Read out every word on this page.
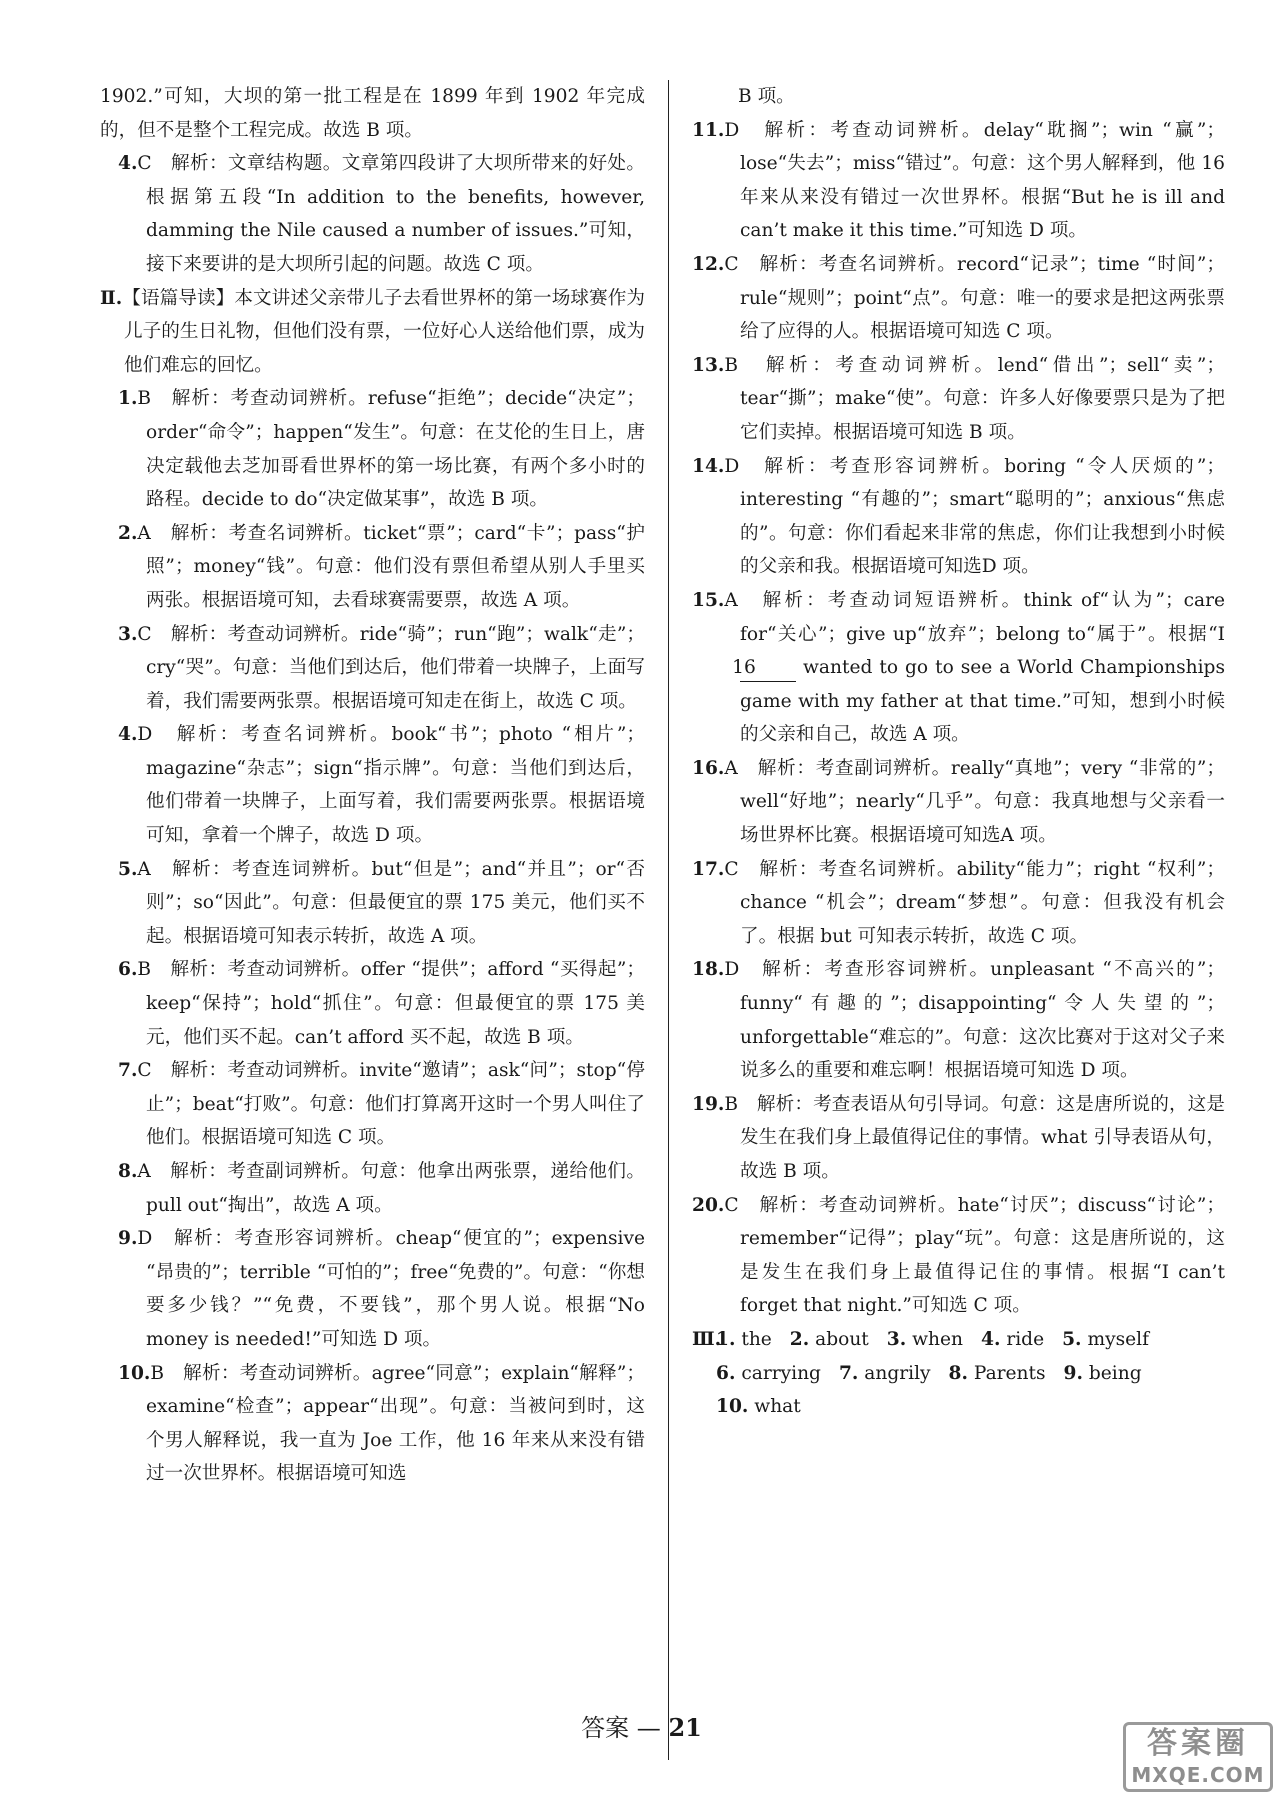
1902.”可知，大坝的第一批工程是在 1899 年到 1902 年完成的，但不是整个工程完成。故选 B 项。

4.C　解析：文章结构题。文章第四段讲了大坝所带来的好处。根据第五段“In addition to the benefits, however, damming the Nile caused a number of issues.”可知，接下来要讲的是大坝所引起的问题。故选 C 项。

Ⅱ.【语篇导读】本文讲述父亲带儿子去看世界杯的第一场球赛作为儿子的生日礼物，但他们没有票，一位好心人送给他们票，成为他们难忘的回忆。

1.B　解析：考查动词辨析。refuse“拒绝”；decide“决定”；order“命令”；happen“发生”。句意：在艾伦的生日上，唐决定载他去芝加哥看世界杯的第一场比赛，有两个多小时的路程。decide to do“决定做某事”，故选 B 项。

2.A　解析：考查名词辨析。ticket“票”；card“卡”；pass“护照”；money“钱”。句意：他们没有票但希望从别人手里买两张。根据语境可知，去看球赛需要票，故选 A 项。

3.C　解析：考查动词辨析。ride“骑”；run“跑”；walk“走”；cry“哭”。句意：当他们到达后，他们带着一块牌子，上面写着，我们需要两张票。根据语境可知走在街上，故选 C 项。

4.D　解析：考查名词辨析。book“书”；photo “相片”；magazine“杂志”；sign“指示牌”。句意：当他们到达后，他们带着一块牌子，上面写着，我们需要两张票。根据语境可知，拿着一个牌子，故选 D 项。

5.A　解析：考查连词辨析。but“但是”；and“并且”；or“否则”；so“因此”。句意：但最便宜的票 175 美元，他们买不起。根据语境可知表示转折，故选 A 项。

6.B　解析：考查动词辨析。offer “提供”；afford “买得起”；keep“保持”；hold“抓住”。句意：但最便宜的票 175 美元，他们买不起。can’t afford 买不起，故选 B 项。

7.C　解析：考查动词辨析。invite“邀请”；ask“问”；stop“停止”；beat“打败”。句意：他们打算离开这时一个男人叫住了他们。根据语境可知选 C 项。

8.A　解析：考查副词辨析。句意：他拿出两张票，递给他们。pull out“掏出”，故选 A 项。

9.D　解析：考查形容词辨析。cheap“便宜的”；expensive “昂贵的”；terrible “可怕的”；free“免费的”。句意：“你想要多少钱？”“免费，不要钱”，那个男人说。根据“No money is needed!”可知选 D 项。

10.B　解析：考查动词辨析。agree“同意”；explain“解释”；examine“检查”；appear“出现”。句意：当被问到时，这个男人解释说，我一直为 Joe 工作，他 16 年来从来没有错过一次世界杯。根据语境可知选

B 项。

11.D　解析：考查动词辨析。delay“耽搁”；win “赢”；lose“失去”；miss“错过”。句意：这个男人解释到，他 16 年来从来没有错过一次世界杯。根据“But he is ill and can’t make it this time.”可知选 D 项。

12.C　解析：考查名词辨析。record“记录”；time “时间”；rule“规则”；point“点”。句意：唯一的要求是把这两张票给了应得的人。根据语境可知选 C 项。

13.B　解析：考查动词辨析。lend“借出”；sell“卖”；tear“撕”；make“使”。句意：许多人好像要票只是为了把它们卖掉。根据语境可知选 B 项。

14.D　解析：考查形容词辨析。boring “令人厌烦的”；interesting “有趣的”；smart“聪明的”；anxious“焦虑的”。句意：你们看起来非常的焦虑，你们让我想到小时候的父亲和我。根据语境可知选D 项。

15.A　解析：考查动词短语辨析。think of“认为”；care for“关心”；give up“放弃”；belong to“属于”。根据“I 16	wanted to go to see a World Championships game with my father at that time.”可知，想到小时候的父亲和自己，故选 A 项。

16.A　解析：考查副词辨析。really“真地”；very “非常的”；well“好地”；nearly“几乎”。句意：我真地想与父亲看一场世界杯比赛。根据语境可知选A 项。

17.C　解析：考查名词辨析。ability“能力”；right “权利”；chance “机会”；dream“梦想”。句意：但我没有机会了。根据 but 可知表示转折，故选 C 项。

18.D　解析：考查形容词辨析。unpleasant “不高兴的”；funny“有趣的”；disappointing“令人失望的”；unforgettable“难忘的”。句意：这次比赛对于这对父子来说多么的重要和难忘啊！根据语境可知选 D 项。

19.B　解析：考查表语从句引导词。句意：这是唐所说的，这是发生在我们身上最值得记住的事情。what 引导表语从句，故选 B 项。

20.C　解析：考查动词辨析。hate“讨厌”；discuss“讨论”；remember“记得”；play“玩”。句意：这是唐所说的，这是发生在我们身上最值得记住的事情。根据“I can’t forget that night.”可知选 C 项。

Ⅲ.
1. the 2. about 3. when 4. ride 5. myself
6. carrying 7. angrily 8. Parents 9. being
10. what
答案 — 21	答案圈
MXQE.COM
